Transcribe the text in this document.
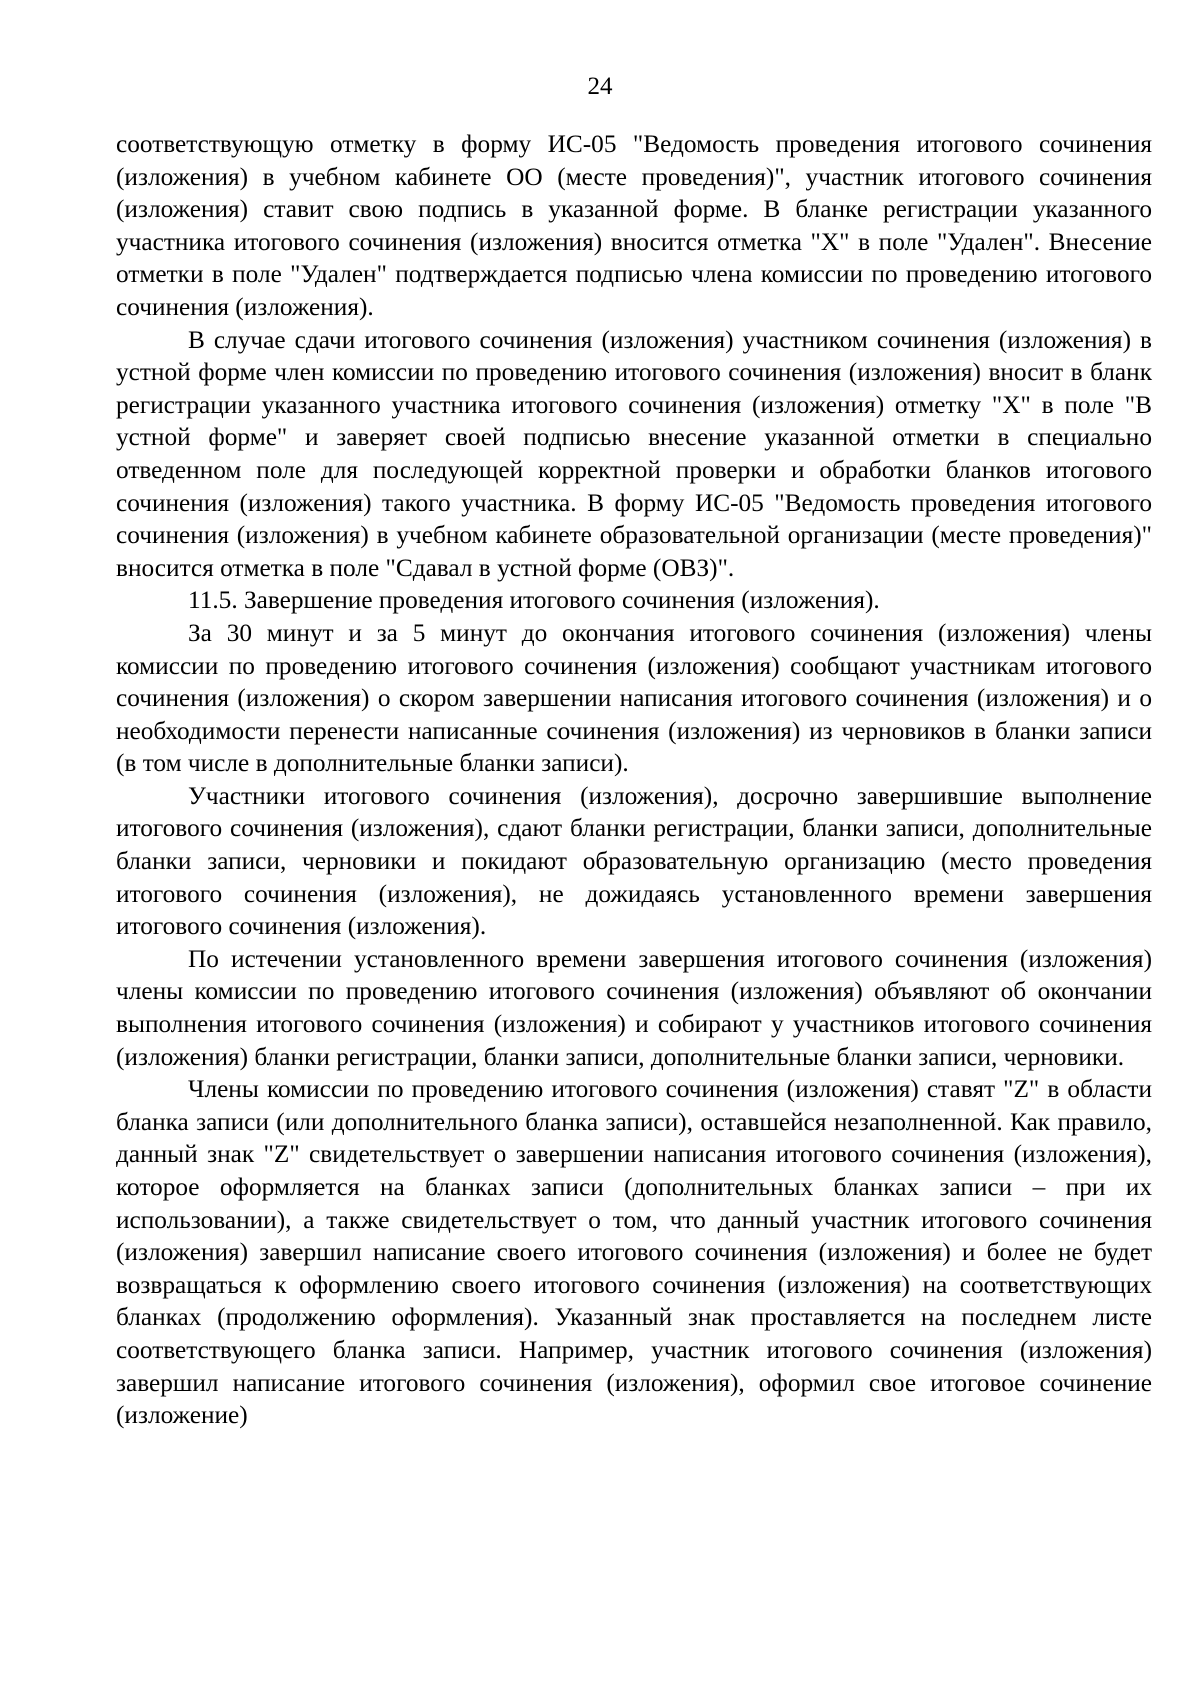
24

соответствующую отметку в форму ИС-05 "Ведомость проведения итогового сочинения (изложения) в учебном кабинете ОО (месте проведения)", участник итогового сочинения (изложения) ставит свою подпись в указанной форме. В бланке регистрации указанного участника итогового сочинения (изложения) вносится отметка "X" в поле "Удален". Внесение отметки в поле "Удален" подтверждается подписью члена комиссии по проведению итогового сочинения (изложения).

В случае сдачи итогового сочинения (изложения) участником сочинения (изложения) в устной форме член комиссии по проведению итогового сочинения (изложения) вносит в бланк регистрации указанного участника итогового сочинения (изложения) отметку "X" в поле "В устной форме" и заверяет своей подписью внесение указанной отметки в специально отведенном поле для последующей корректной проверки и обработки бланков итогового сочинения (изложения) такого участника. В форму ИС-05 "Ведомость проведения итогового сочинения (изложения) в учебном кабинете образовательной организации (месте проведения)" вносится отметка в поле "Сдавал в устной форме (ОВЗ)".

11.5. Завершение проведения итогового сочинения (изложения).

За 30 минут и за 5 минут до окончания итогового сочинения (изложения) члены комиссии по проведению итогового сочинения (изложения) сообщают участникам итогового сочинения (изложения) о скором завершении написания итогового сочинения (изложения) и о необходимости перенести написанные сочинения (изложения) из черновиков в бланки записи (в том числе в дополнительные бланки записи).

Участники итогового сочинения (изложения), досрочно завершившие выполнение итогового сочинения (изложения), сдают бланки регистрации, бланки записи, дополнительные бланки записи, черновики и покидают образовательную организацию (место проведения итогового сочинения (изложения), не дожидаясь установленного времени завершения итогового сочинения (изложения).

По истечении установленного времени завершения итогового сочинения (изложения) члены комиссии по проведению итогового сочинения (изложения) объявляют об окончании выполнения итогового сочинения (изложения) и собирают у участников итогового сочинения (изложения) бланки регистрации, бланки записи, дополнительные бланки записи, черновики.

Члены комиссии по проведению итогового сочинения (изложения) ставят "Z" в области бланка записи (или дополнительного бланка записи), оставшейся незаполненной. Как правило, данный знак "Z" свидетельствует о завершении написания итогового сочинения (изложения), которое оформляется на бланках записи (дополнительных бланках записи – при их использовании), а также свидетельствует о том, что данный участник итогового сочинения (изложения) завершил написание своего итогового сочинения (изложения) и более не будет возвращаться к оформлению своего итогового сочинения (изложения) на соответствующих бланках (продолжению оформления). Указанный знак проставляется на последнем листе соответствующего бланка записи. Например, участник итогового сочинения (изложения) завершил написание итогового сочинения (изложения), оформил свое итоговое сочинение (изложение)
